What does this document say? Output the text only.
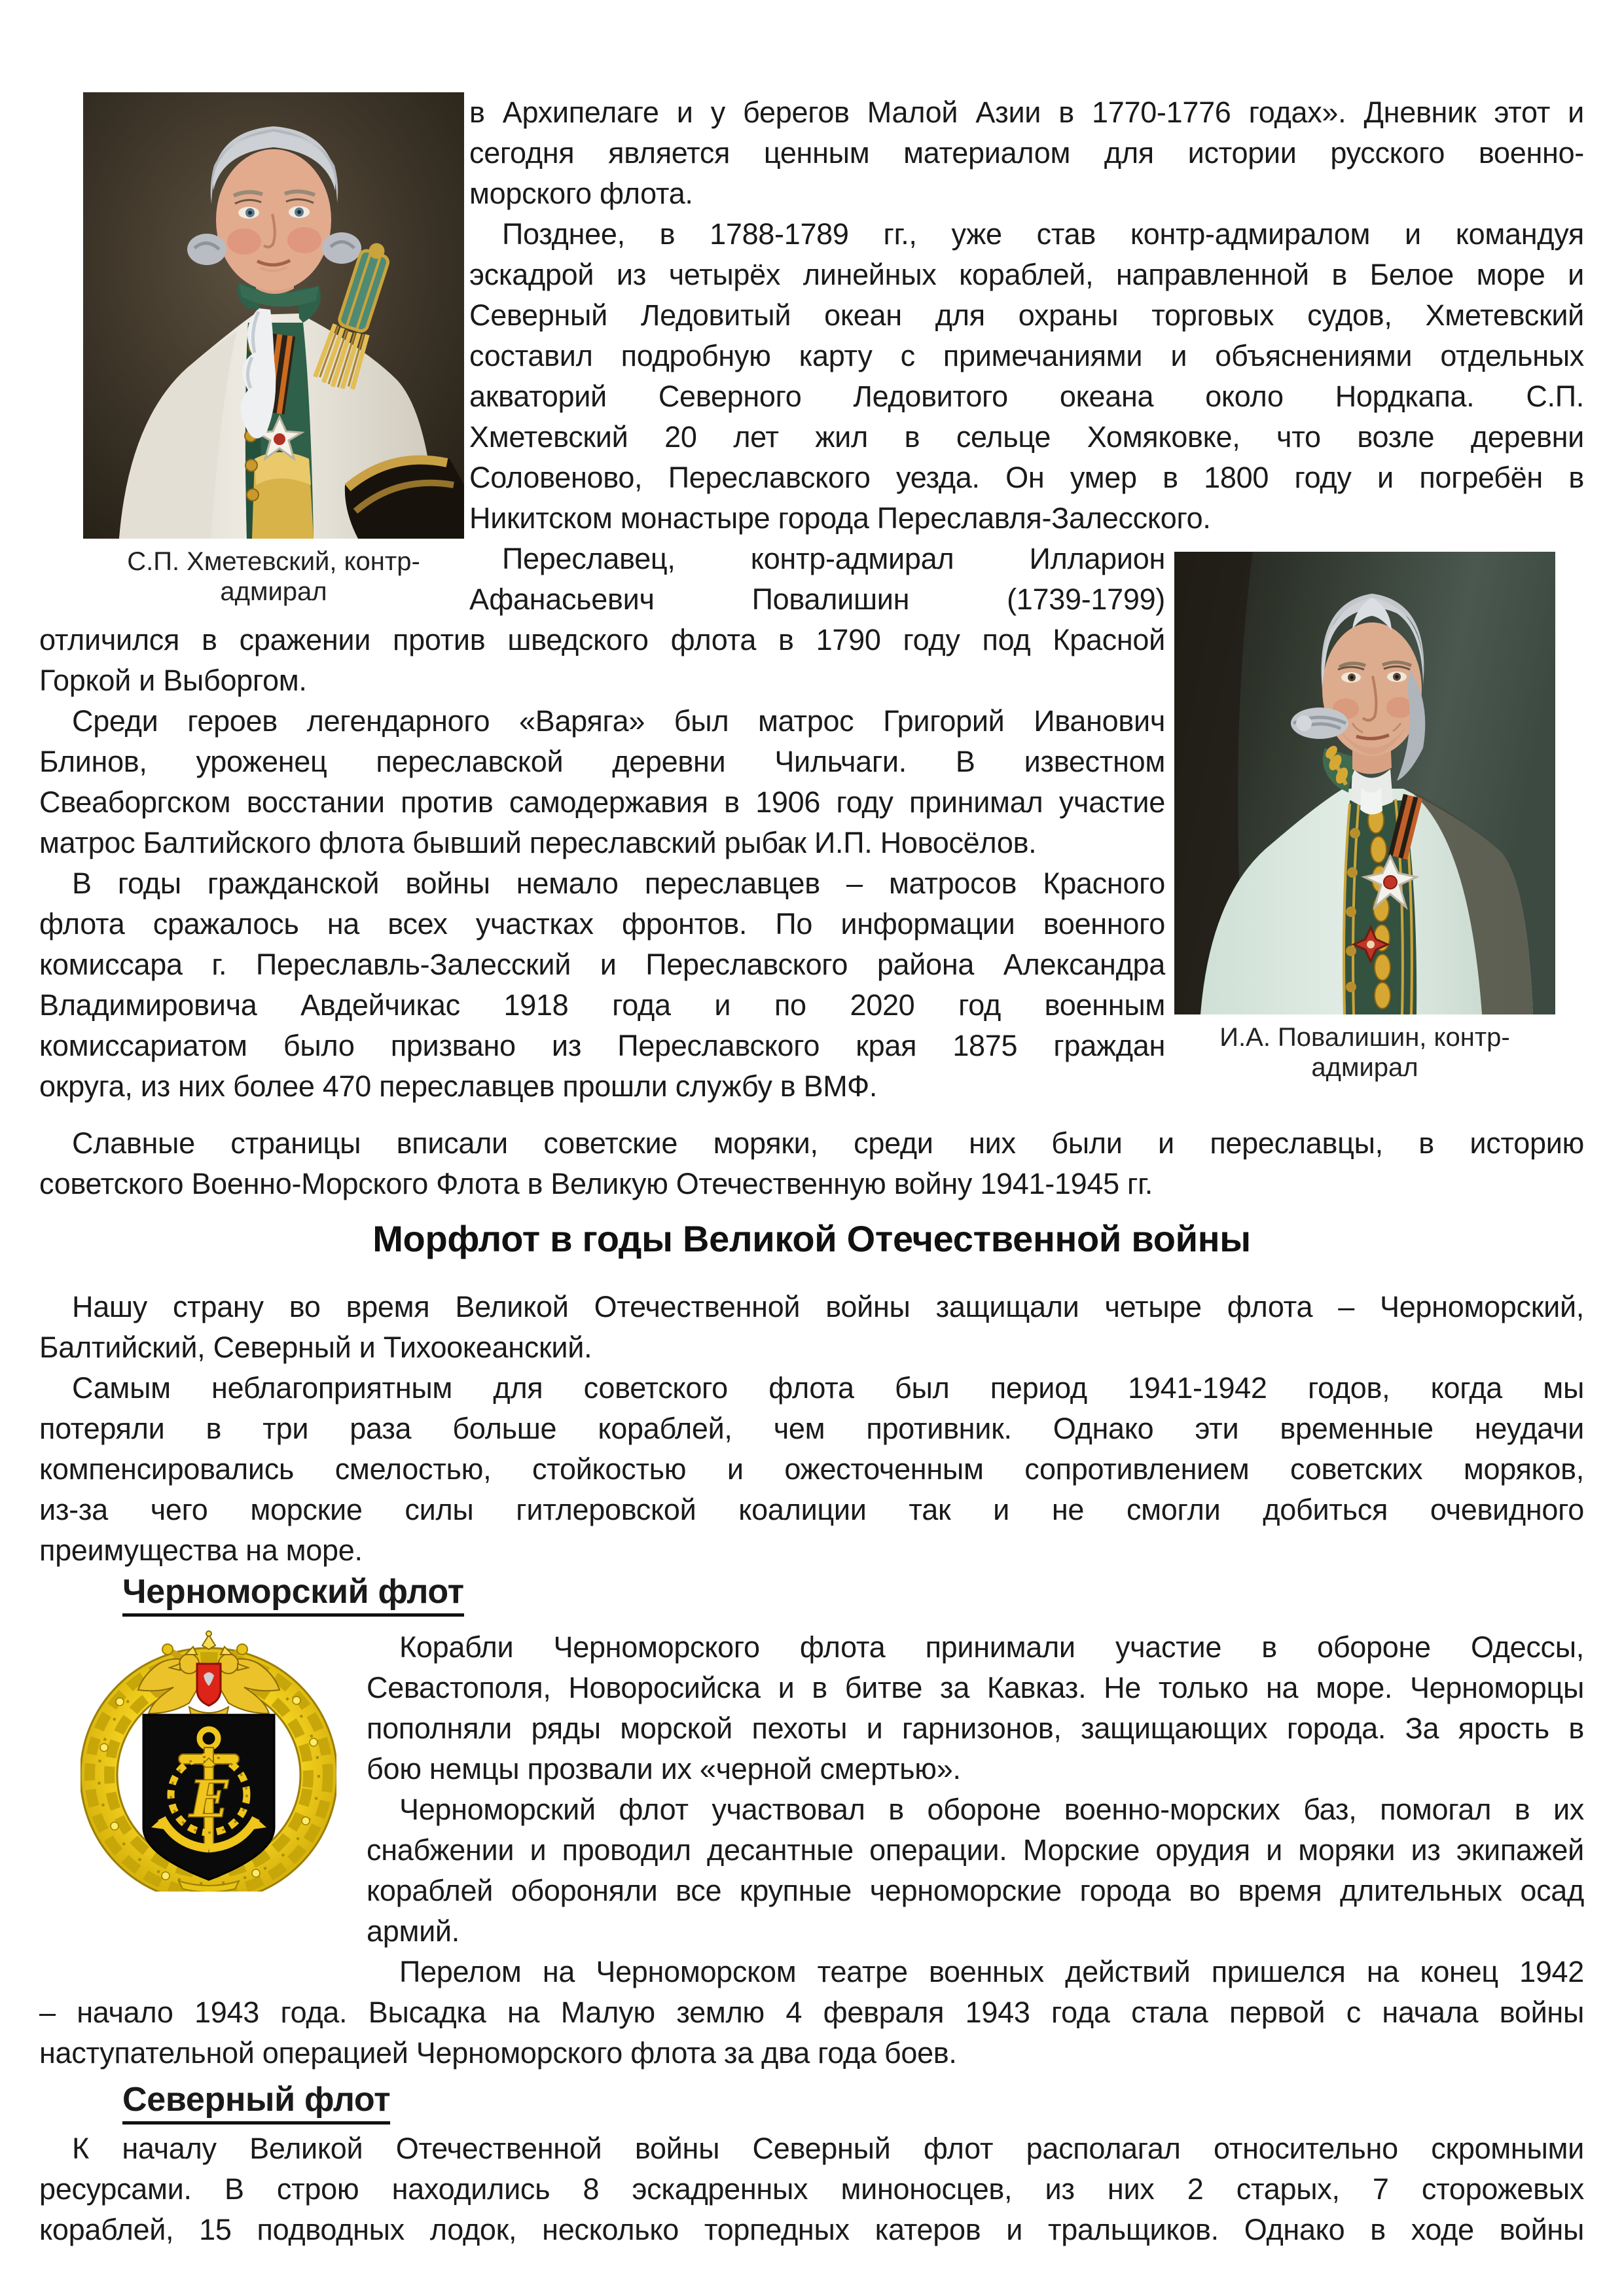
С.П. Хметевский, контр-адмирал
в Архипелаге и у берегов Малой Азии в 1770-1776 годах». Дневник этот и
сегодня является ценным материалом для истории русского военно-
морского флота.
Позднее, в 1788-1789 гг., уже став контр-адмиралом и командуя
эскадрой из четырёх линейных кораблей, направленной в Белое море и
Северный Ледовитый океан для охраны торговых судов, Хметевский
составил подробную карту с примечаниями и объяснениями отдельных
акваторий Северного Ледовитого океана около Нордкапа. С.П.
Хметевский 20 лет жил в сельце Хомяковке, что возле деревни
Соловеново, Переславского уезда. Он умер в 1800 году и погребён в
Никитском монастыре города Переславля-Залесского.
И.А. Повалишин, контр-адмирал
Переславец, контр-адмирал Илларион
Афанасьевич Повалишин (1739-1799)
отличился в сражении против шведского флота в 1790 году под Красной
Горкой и Выборгом.
Среди героев легендарного «Варяга» был матрос Григорий Иванович
Блинов, уроженец переславской деревни Чильчаги. В известном
Свеаборгском восстании против самодержавия в 1906 году принимал участие
матрос Балтийского флота бывший переславский рыбак И.П. Новосёлов.
В годы гражданской войны немало переславцев – матросов Красного
флота сражалось на всех участках фронтов. По информации военного
комиссара г. Переславль-Залесский и Переславского района Александра
Владимировича Авдейчикас 1918 года и по 2020 год военным
комиссариатом было призвано из Переславского края 1875 граждан
округа, из них более 470 переславцев прошли службу в ВМФ.
Славные страницы вписали советские моряки, среди них были и переславцы, в историю
советского Военно-Морского Флота в Великую Отечественную войну 1941-1945 гг.
Морфлот в годы Великой Отечественной войны
Нашу страну во время Великой Отечественной войны защищали четыре флота – Черноморский,
Балтийский, Северный и Тихоокеанский.
Самым неблагоприятным для советского флота был период 1941-1942 годов, когда мы
потеряли в три раза больше кораблей, чем противник. Однако эти временные неудачи
компенсировались смелостью, стойкостью и ожесточенным сопротивлением советских моряков,
из-за чего морские силы гитлеровской коалиции так и не смогли добиться очевидного
преимущества на море.
Черноморский флот
Е
Корабли Черноморского флота принимали участие в обороне Одессы,
Севастополя, Новоросийска и в битве за Кавказ. Не только на море. Черноморцы
пополняли ряды морской пехоты и гарнизонов, защищающих города. За ярость в
бою немцы прозвали их «черной смертью».
Черноморский флот участвовал в обороне военно-морских баз, помогал в их
снабжении и проводил десантные операции. Морские орудия и моряки из экипажей
кораблей обороняли все крупные черноморские города во время длительных осад
армий.
Перелом на Черноморском театре военных действий пришелся на конец 1942
– начало 1943 года. Высадка на Малую землю 4 февраля 1943 года стала первой с начала войны
наступательной операцией Черноморского флота за два года боев.
Северный флот
К началу Великой Отечественной войны Северный флот располагал относительно скромными
ресурсами. В строю находились 8 эскадренных миноносцев, из них 2 старых, 7 сторожевых
кораблей, 15 подводных лодок, несколько торпедных катеров и тральщиков. Однако в ходе войны
